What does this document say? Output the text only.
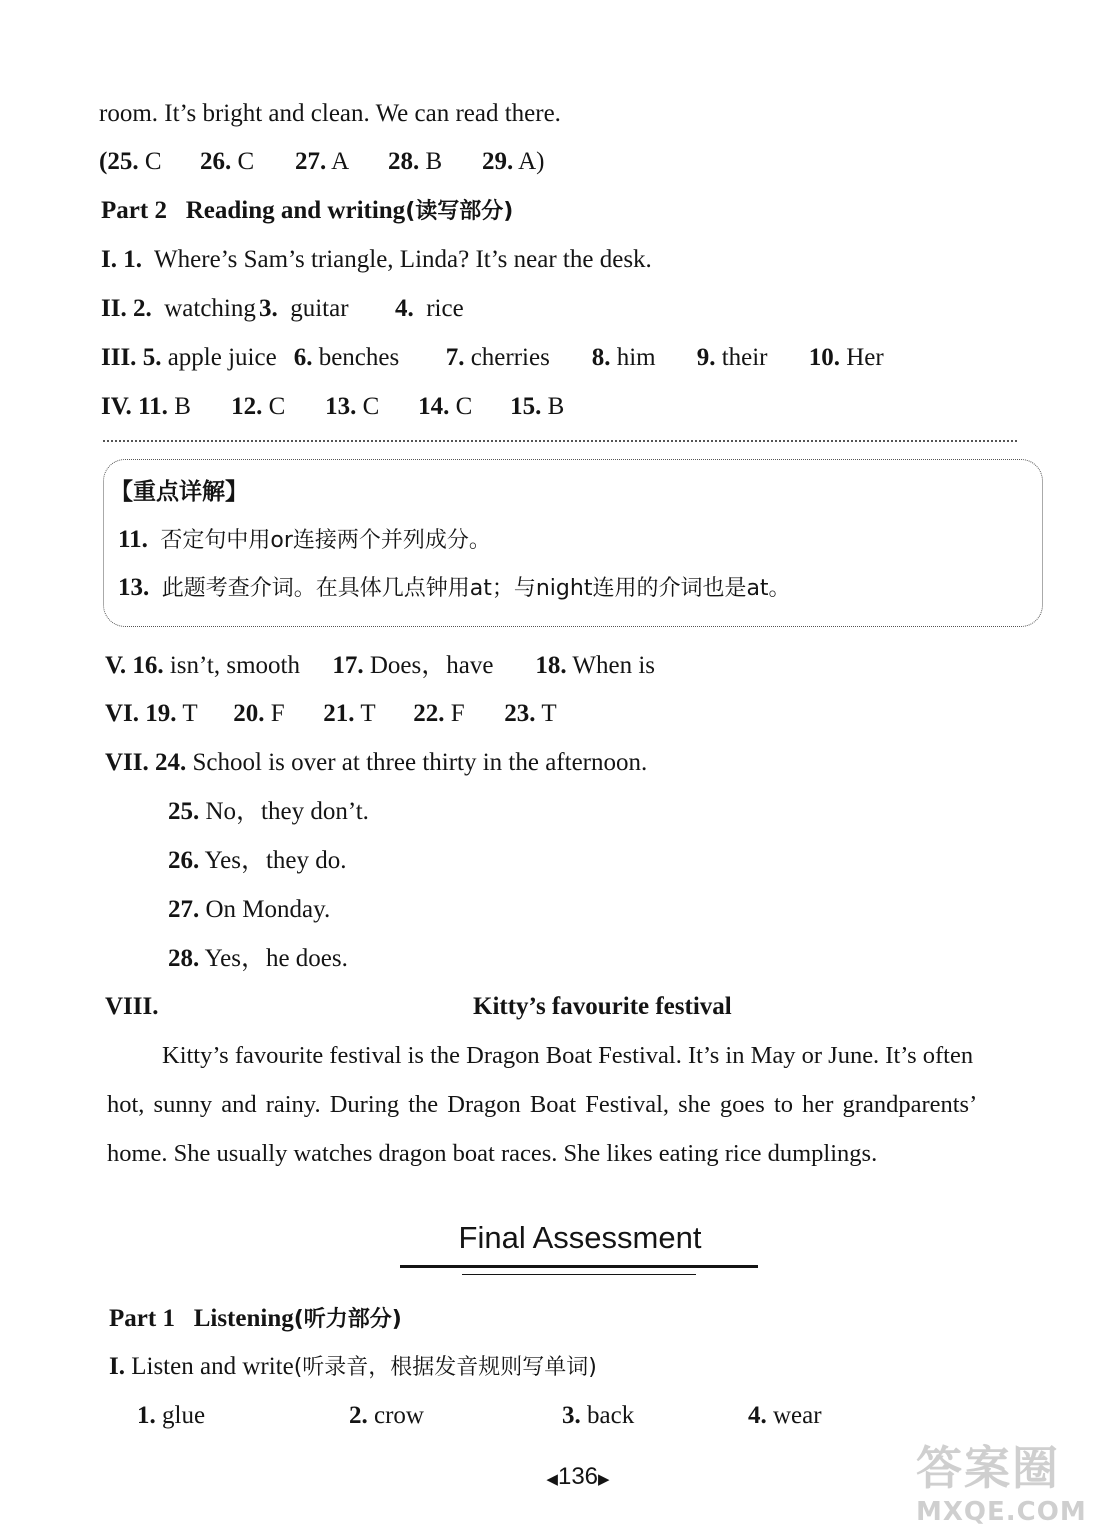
room. It’s bright and clean. We can read there.
(25. C 26. C 27. A 28. B 29. A)
Part 2 Reading and writing(读写部分)
I. 1. Where’s Sam’s triangle, Linda? It’s near the desk.
II. 2. watching 3. guitar 4. rice
III. 5. apple juice 6. benches 7. cherries 8. him 9. their 10. Her
IV. 11. B 12. C 13. C 14. C 15. B
【重点详解】
11. 否定句中用or连接两个并列成分。
13. 此题考查介词。在具体几点钟用at；与night连用的介词也是at。
V. 16. isn’t, smooth 17. Does，have 18. When is
VI. 19. T 20. F 21. T 22. F 23. T
VII. 24. School is over at three thirty in the afternoon.
25. No，they don’t.
26. Yes，they do.
27. On Monday.
28. Yes，he does.
VIII.	Kitty’s favourite festival
Kitty’s favourite festival is the Dragon Boat Festival. It’s in May or June. It’s often
hot, sunny and rainy. During the Dragon Boat Festival, she goes to her grandparents’
home. She usually watches dragon boat races. She likes eating rice dumplings.
Final Assessment
Part 1 Listening(听力部分)
I. Listen and write(听录音，根据发音规则写单词)
1. glue	2. crow	3. back	4. wear
◀136▶	答案圈
MXQE.COM
